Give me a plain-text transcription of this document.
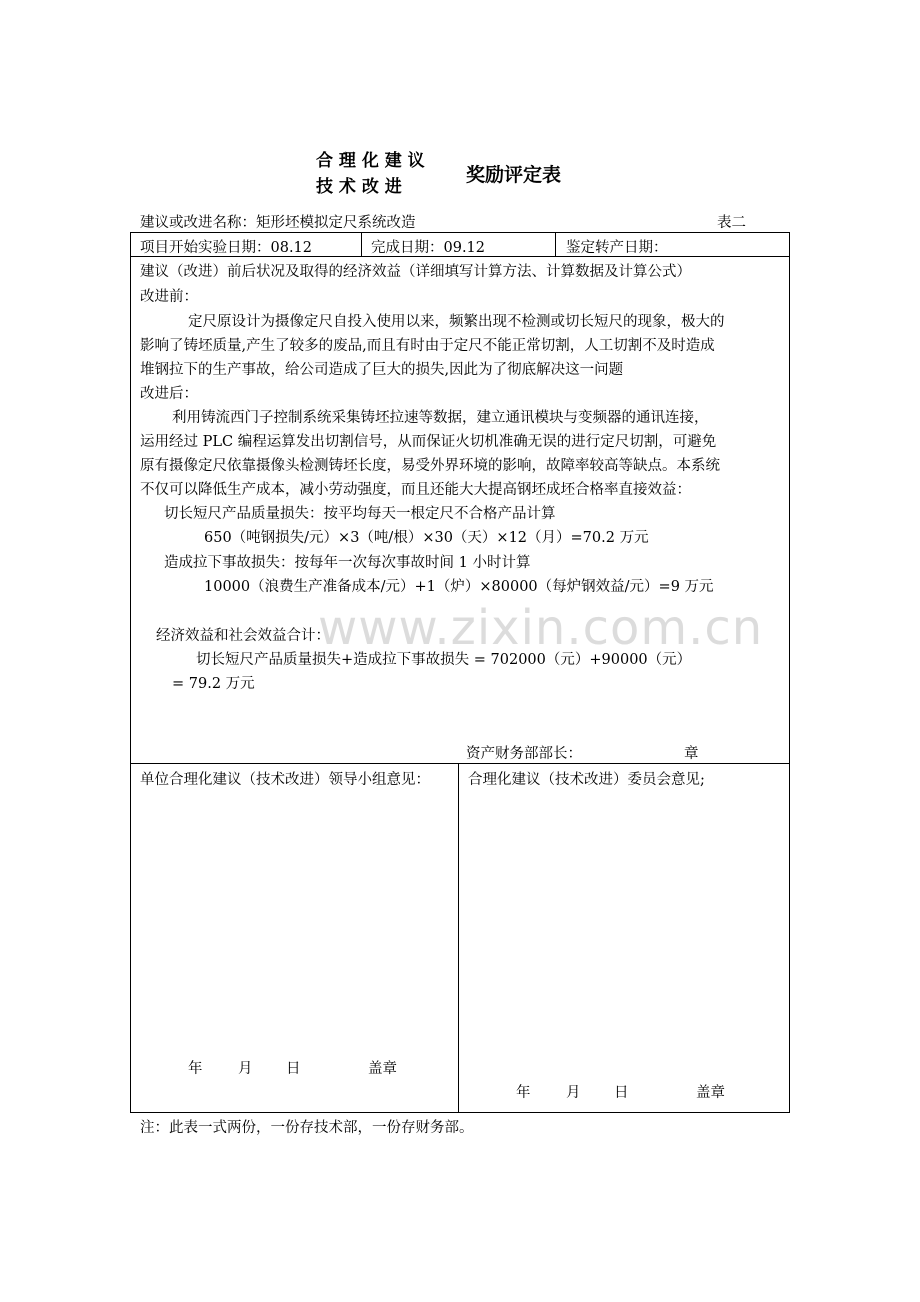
www.zixin.com.cn
合 理 化 建 议
技 术 改 进
奖励评定表
建议或改进名称：矩形坯模拟定尺系统改造	表二
项目开始实验日期：08.12	完成日期：09.12	鉴定转产日期：
建议（改进）前后状况及取得的经济效益（详细填写计算方法、计算数据及计算公式）
改进前：
定尺原设计为摄像定尺自投入使用以来，频繁出现不检测或切长短尺的现象，极大的
影响了铸坯质量,产生了较多的废品,而且有时由于定尺不能正常切割，人工切割不及时造成
堆钢拉下的生产事故，给公司造成了巨大的损失,因此为了彻底解决这一问题
改进后：
利用铸流西门子控制系统采集铸坯拉速等数据，建立通讯模块与变频器的通讯连接，
运用经过 PLC 编程运算发出切割信号，从而保证火切机准确无误的进行定尺切割，可避免
原有摄像定尺依靠摄像头检测铸坯长度，易受外界环境的影响，故障率较高等缺点。本系统
不仅可以降低生产成本，减小劳动强度，而且还能大大提高钢坯成坯合格率直接效益：
切长短尺产品质量损失：按平均每天一根定尺不合格产品计算
650（吨钢损失/元）×3（吨/根）×30（天）×12（月）=70.2 万元
造成拉下事故损失：按每年一次每次事故时间 1 小时计算
10000（浪费生产准备成本/元）+1（炉）×80000（每炉钢效益/元）=9 万元
经济效益和社会效益合计：
切长短尺产品质量损失+造成拉下事故损失 = 702000（元）+90000（元）
= 79.2 万元
资产财务部部长：	章
单位合理化建议（技术改进）领导小组意见：	合理化建议（技术改进）委员会意见;
年 月 日	盖章
年 月 日	盖章
注：此表一式两份，一份存技术部，一份存财务部。
